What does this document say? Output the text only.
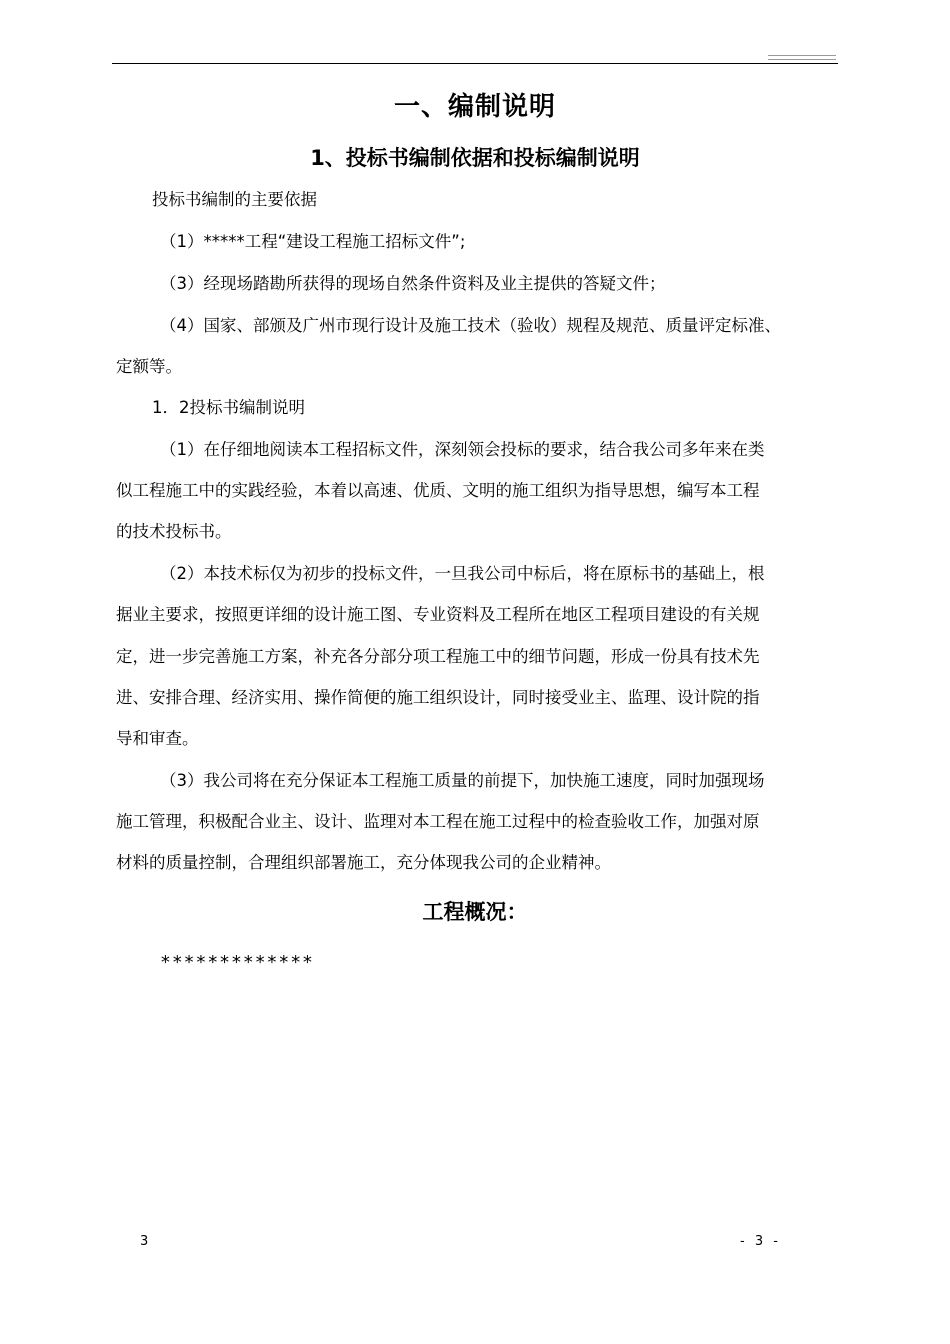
一、编制说明
1、投标书编制依据和投标编制说明
投标书编制的主要依据
（1）*****工程“建设工程施工招标文件”;
（3）经现场踏勘所获得的现场自然条件资料及业主提供的答疑文件；
（4）国家、部颁及广州市现行设计及施工技术（验收）规程及规范、质量评定标准、
定额等。
1．2投标书编制说明
（1）在仔细地阅读本工程招标文件，深刻领会投标的要求，结合我公司多年来在类
似工程施工中的实践经验，本着以高速、优质、文明的施工组织为指导思想，编写本工程
的技术投标书。
（2）本技术标仅为初步的投标文件，一旦我公司中标后，将在原标书的基础上，根
据业主要求，按照更详细的设计施工图、专业资料及工程所在地区工程项目建设的有关规
定，进一步完善施工方案，补充各分部分项工程施工中的细节问题，形成一份具有技术先
进、安排合理、经济实用、操作简便的施工组织设计，同时接受业主、监理、设计院的指
导和审查。
（3）我公司将在充分保证本工程施工质量的前提下，加快施工速度，同时加强现场
施工管理，积极配合业主、设计、监理对本工程在施工过程中的检查验收工作，加强对原
材料的质量控制，合理组织部署施工，充分体现我公司的企业精神。
工程概况：
*************
3	- 3 -
